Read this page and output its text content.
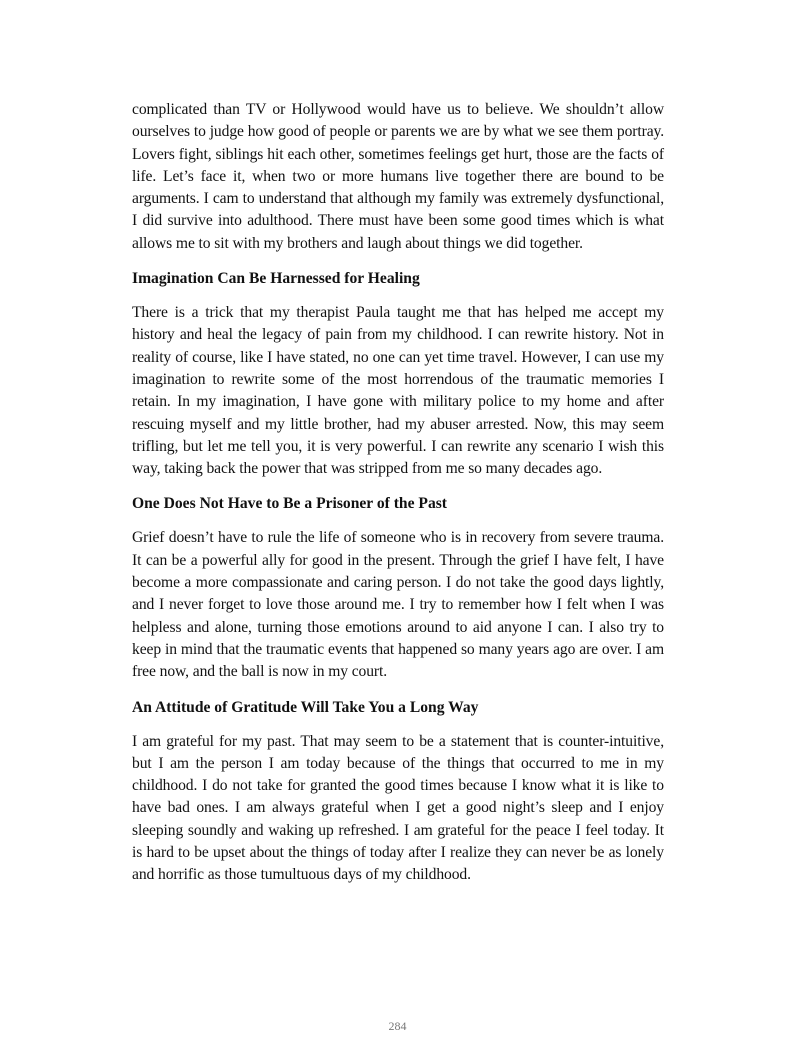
complicated than TV or Hollywood would have us to believe. We shouldn’t allow ourselves to judge how good of people or parents we are by what we see them portray. Lovers fight, siblings hit each other, sometimes feelings get hurt, those are the facts of life. Let’s face it, when two or more humans live together there are bound to be arguments. I cam to understand that although my family was extremely dysfunctional, I did survive into adulthood. There must have been some good times which is what allows me to sit with my brothers and laugh about things we did together.

Imagination Can Be Harnessed for Healing

There is a trick that my therapist Paula taught me that has helped me accept my history and heal the legacy of pain from my childhood. I can rewrite history. Not in reality of course, like I have stated, no one can yet time travel. However, I can use my imagination to rewrite some of the most horrendous of the traumatic memories I retain. In my imagination, I have gone with military police to my home and after rescuing myself and my little brother, had my abuser arrested. Now, this may seem trifling, but let me tell you, it is very powerful. I can rewrite any scenario I wish this way, taking back the power that was stripped from me so many decades ago.

One Does Not Have to Be a Prisoner of the Past

Grief doesn’t have to rule the life of someone who is in recovery from severe trauma. It can be a powerful ally for good in the present. Through the grief I have felt, I have become a more compassionate and caring person. I do not take the good days lightly, and I never forget to love those around me. I try to remember how I felt when I was helpless and alone, turning those emotions around to aid anyone I can. I also try to keep in mind that the traumatic events that happened so many years ago are over. I am free now, and the ball is now in my court.

An Attitude of Gratitude Will Take You a Long Way

I am grateful for my past. That may seem to be a statement that is counter-intuitive, but I am the person I am today because of the things that occurred to me in my childhood. I do not take for granted the good times because I know what it is like to have bad ones. I am always grateful when I get a good night’s sleep and I enjoy sleeping soundly and waking up refreshed. I am grateful for the peace I feel today. It is hard to be upset about the things of today after I realize they can never be as lonely and horrific as those tumultuous days of my childhood.

284
